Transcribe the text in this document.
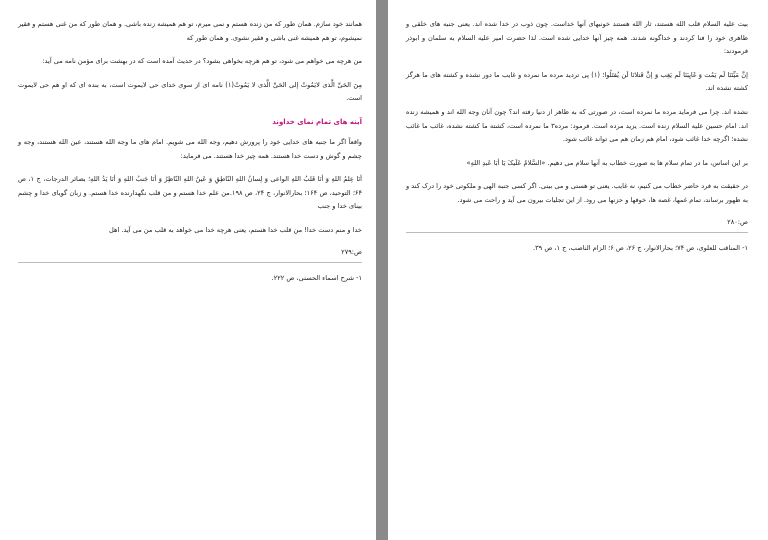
همانند خود سازم. همان طور که من زنده هستم و نمی میرم، تو هم همیشه زنده باشی. و همان طور که من غنی هستم و فقیر نمیشوم، تو هم همیشه غنی باشی و فقیر نشوی. و همان طور که

من هرچه می خواهم می شود، تو هم هرچه بخواهی بشود؟ در حدیث آمده است که در بهشت برای مؤمن نامه می آید:

مِنَ الحَیِّ الَّذی لایَمُوتُ إلی الحَیِّ الَّذی لا یَمُوتُ(١) نامه ای از سوی خدای حی لایموت است، به بنده ای که او هم حی لایموت است.

آینه های تمام نمای خداوند

واقعاً اگر ما جنبه های خدایی خود را پرورش دهیم، وجه الله می شویم. امام های ما وجه الله هستند، عین الله هستند، وجه و چشم و گوش و دست خدا هستند. همه چیز خدا هستند. می فرماید:

أنَا عِلمُ اللهِ وَ أنَا قَلبُ اللهِ الواعی وَ لِسانُ اللهِ النّاطِقِ وَ عَینُ اللهِ النّاظِرُ وَ أنَا جَنبُ اللهِ وَ أنَا یَدُ اللهِ؛ بصائر الدرجات، ج ١، ص ۶۴؛ التوحید، ص ١۶۴؛ بحارالانوار، ج ٢۴، ص ١٩٨.من علم خدا هستم و من قلب نگهدارنده خدا هستم. و زبان گویای خدا و چشم بینای خدا و جنب

خدا و منم دست خدا! من قلب خدا هستم، یعنی هرچه خدا می خواهد به قلب من می آید. اهل

ص:٢٧٩

١- شرح اسماء الحسنی، ص ٢٢٢.

بیت علیه السلام قلب الله هستند، ثار الله هستند خونبهای آنها خداست. چون ذوب در خدا شده اند. یعنی جنبه های خلقی و ظاهری خود را فنا کردند و خداگونه شدند. همه چیز آنها خدایی شده است. لذا حضرت امیر علیه السلام به سلمان و ابوذر فرمودند:

إنَّ مَیِّتَنَا لَم یَمُت وَ غَایِبَنَا لَم یَغِب وَ إنَّ قَتلانَا لَن یُقتَلُوا؛ (١) پی تردید مرده ما نمرده و غایب ما دور نشده و کشته های ما هرگز کشته نشده اند.

نشده اند. چرا می فرماید مرده ما نمرده است، در صورتی که به ظاهر از دنیا رفته اند؟ چون آنان وجه الله اند و همیشه زنده اند. امام حسین علیه السلام زنده است. یزید مرده است. فرمود: مرده٣ ما نمرده است، کشته ما کشته نشده، غائب ما غائب نشده؛ اگرچه خدا غائب شود، امام هم زمان هم می تواند غائب شود.

بر این اساس، ما در تمام سلام ها به صورت خطاب به آنها سلام می دهیم. «السَّلامُ عَلَیکَ یَا أبَا عَبدِ اللهِ»

در حقیقت به فرد حاضر خطاب می کنیم، نه غایب. یعنی تو هستی و می بینی. اگر کسی جنبه الهی و ملکوتی خود را درک کند و به ظهور برساند، تمام غمها، غصه ها، خوفها و حزنها می رود. از این تجلیات بیرون می آید و راحت می شود.

ص:٢٨٠

١- المناقب للعلوی، ص ٧۴؛ بحارالانوار، ج ٢۶، ص ۶؛ الزام الناصب، ج ١، ص ٣٩.
